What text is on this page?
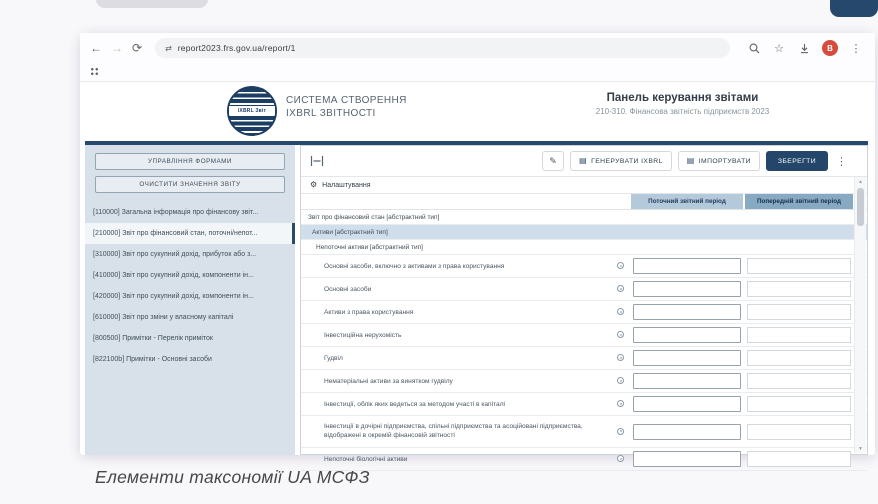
← → ⟳	⇄ report2023.frs.gov.ua/report/1	☆	B	⋮
iXBRL Звіт
СИСТЕМА СТВОРЕННЯ
IXBRL ЗВІТНОСТІ
Панель керування звітами
210-310. Фінансова звітність підприємств 2023
УПРАВЛІННЯ ФОРМАМИ
ОЧИСТИТИ ЗНАЧЕННЯ ЗВІТУ
[110000] Загальна інформація про фінансову звіт...
[210000] Звіт про фінансовий стан, поточні/непот...
[310000] Звіт про сукупний дохід, прибуток або з...
[410000] Звіт про сукупний дохід, компоненти ін...
[420000] Звіт про сукупний дохід, компоненти ін...
[610000] Звіт про зміни у власному капіталі
[800500] Примітки - Перелік приміток
[822100b] Примітки - Основні засоби
✎	▤ ГЕНЕРУВАТИ IXBRL	▤ ІМПОРТУВАТИ	ЗБЕРЕГТИ	⋮
⚙ Налаштування
Поточний звітний період	Попередній звітний період
Звіт про фінансовий стан [абстрактний тип]
Активи [абстрактний тип]
Непоточні активи [абстрактний тип]
Основні засоби, включно з активами з права користування
Основні засоби
Активи з права користування
Інвестиційна нерухомість
Гудвіл
Нематеріальні активи за винятком гудвілу
Інвестиції, облік яких ведеться за методом участі в капіталі
Інвестиції в дочірні підприємства, спільні підприємства та асоційовані підприємства, відображені в окремій фінансовій звітності
Непоточні біологічні активи
▲
▼
Елементи таксономії UA МСФЗ
